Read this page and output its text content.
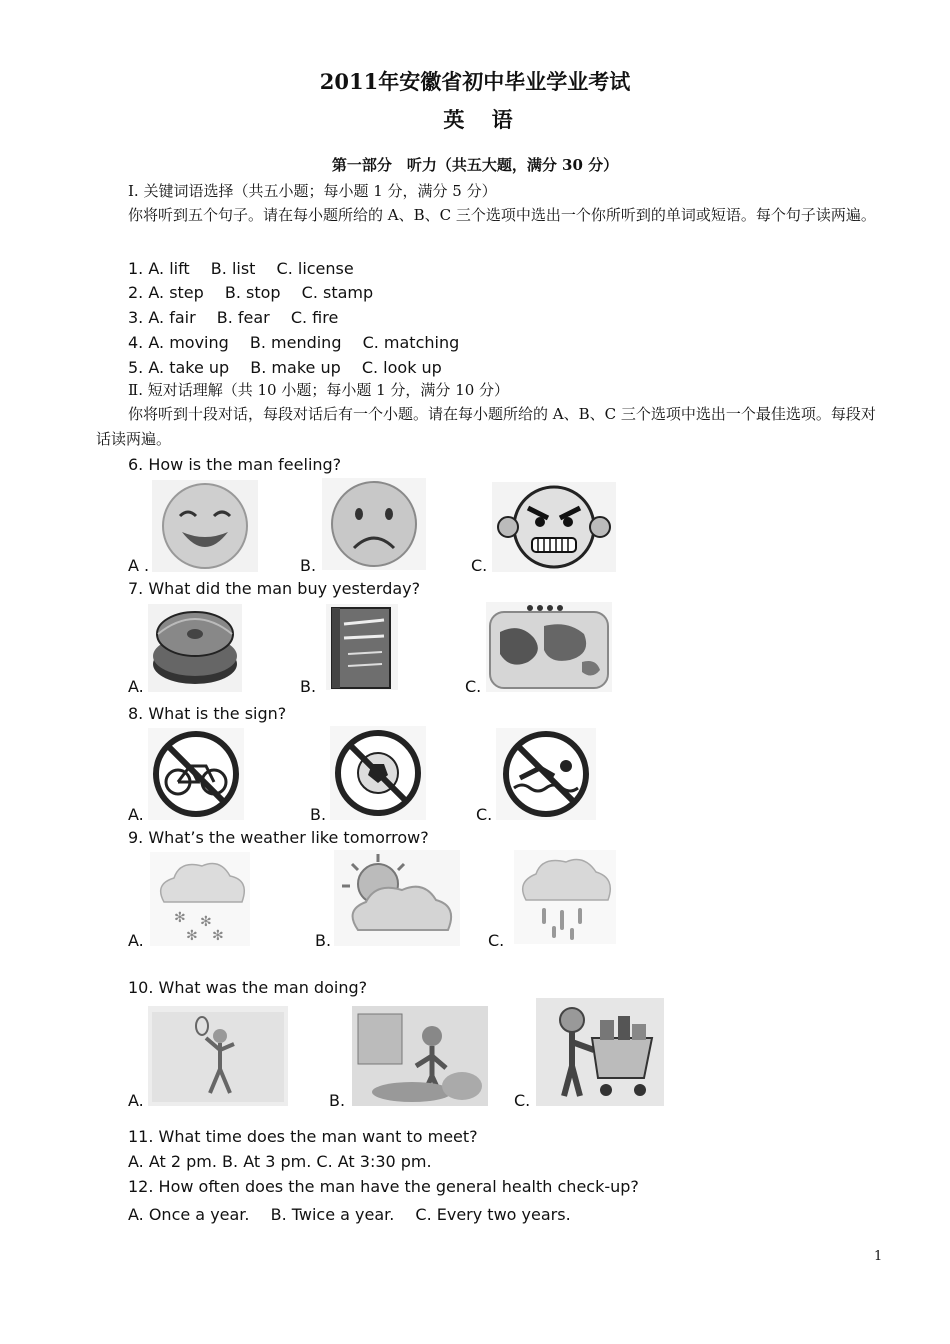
2011年安徽省初中毕业学业考试
英 语
第一部分　听力（共五大题，满分 30 分）
Ⅰ. 关键词语选择（共五小题；每小题 1 分，满分 5 分）
你将听到五个句子。请在每小题所给的 A、B、C 三个选项中选出一个你所听到的单词或短语。每个句子读两遍。
1. A. lift　 B. list　 C. license
2. A. step　 B. stop　 C. stamp
3. A. fair　 B. fear　 C. fire
4. A. moving　 B. mending　 C. matching
5. A. take up　 B. make up　 C. look up
Ⅱ. 短对话理解（共 10 小题；每小题 1 分，满分 10 分）
你将听到十段对话，每段对话后有一个小题。请在每小题所给的 A、B、C 三个选项中选出一个最佳选项。每段对话读两遍。
6. How is the man feeling?
A .	B.	C.
7. What did the man buy yesterday?
A.	B.	C.
8. What is the sign?
A.	B.	C.
9. What’s the weather like tomorrow?
✻ ✻
✻ ✻
A.	B.	C.
10. What was the man doing?
A.	B.	C.
11. What time does the man want to meet?
A. At 2 pm. B. At 3 pm. C. At 3:30 pm.
12. How often does the man have the general health check-up?
A. Once a year.　 B. Twice a year.　 C. Every two years.
1
